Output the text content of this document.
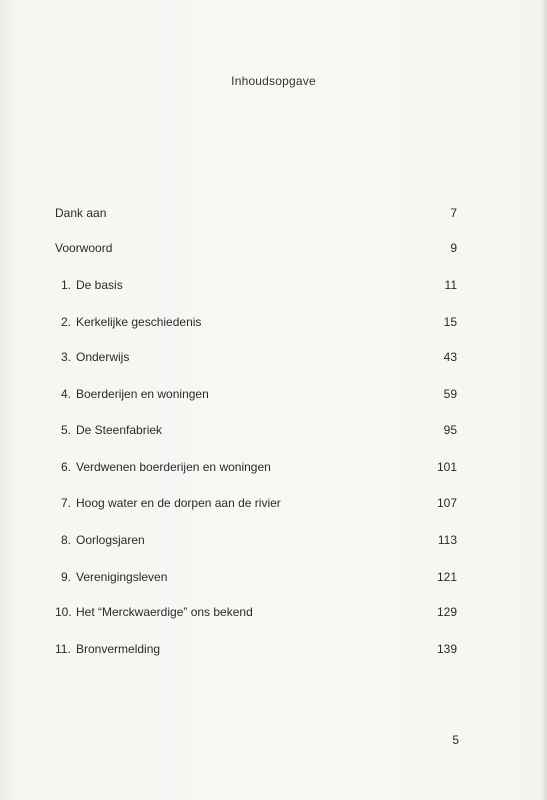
Inhoudsopgave
Dank aan	7
Voorwoord	9
1. De basis	11
2. Kerkelijke geschiedenis	15
3. Onderwijs	43
4. Boerderijen en woningen	59
5. De Steenfabriek	95
6. Verdwenen boerderijen en woningen	101
7. Hoog water en de dorpen aan de rivier	107
8. Oorlogsjaren	113
9. Verenigingsleven	121
10. Het “Merckwaerdige” ons bekend	129
11. Bronvermelding	139
5
